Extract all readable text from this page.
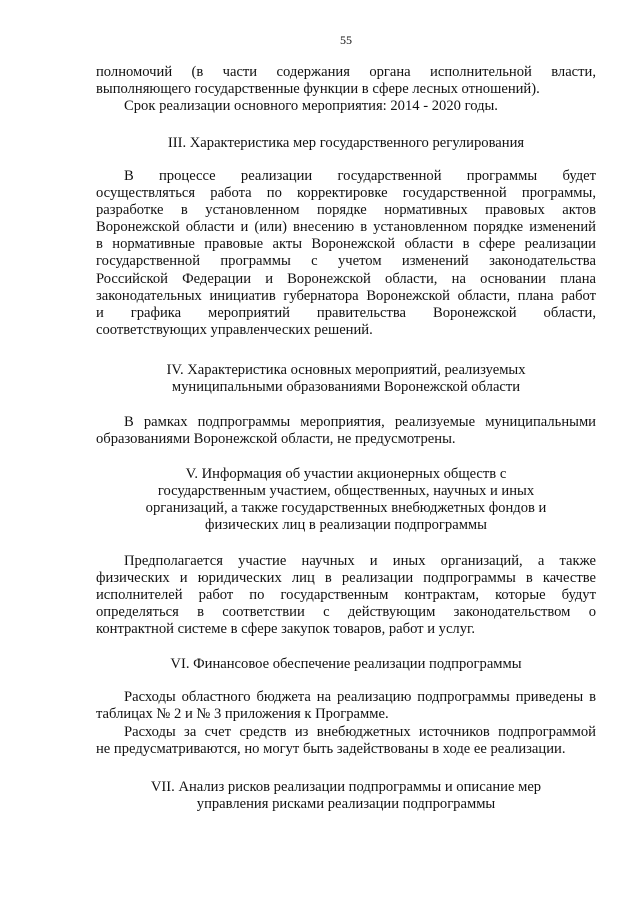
55
полномочий (в части содержания органа исполнительной власти,
выполняющего государственные функции в сфере лесных отношений).
Срок реализации основного мероприятия: 2014 - 2020 годы.

III. Характеристика мер государственного регулирования

В процессе реализации государственной программы будет
осуществляться работа по корректировке государственной программы,
разработке в установленном порядке нормативных правовых актов
Воронежской области и (или) внесению в установленном порядке изменений
в нормативные правовые акты Воронежской области в сфере реализации
государственной программы с учетом изменений законодательства
Российской Федерации и Воронежской области, на основании плана
законодательных инициатив губернатора Воронежской области, плана работ
и графика мероприятий правительства Воронежской области,
соответствующих управленческих решений.

IV. Характеристика основных мероприятий, реализуемых
муниципальными образованиями Воронежской области

В рамках подпрограммы мероприятия, реализуемые муниципальными
образованиями Воронежской области, не предусмотрены.

V. Информация об участии акционерных обществ с
государственным участием, общественных, научных и иных
организаций, а также государственных внебюджетных фондов и
физических лиц в реализации подпрограммы

Предполагается участие научных и иных организаций, а также
физических и юридических лиц в реализации подпрограммы в качестве
исполнителей работ по государственным контрактам, которые будут
определяться в соответствии с действующим законодательством о
контрактной системе в сфере закупок товаров, работ и услуг.

VI. Финансовое обеспечение реализации подпрограммы

Расходы областного бюджета на реализацию подпрограммы приведены в
таблицах № 2 и № 3 приложения к Программе.
Расходы за счет средств из внебюджетных источников подпрограммой
не предусматриваются, но могут быть задействованы в ходе ее реализации.

VII. Анализ рисков реализации подпрограммы и описание мер
управления рисками реализации подпрограммы
